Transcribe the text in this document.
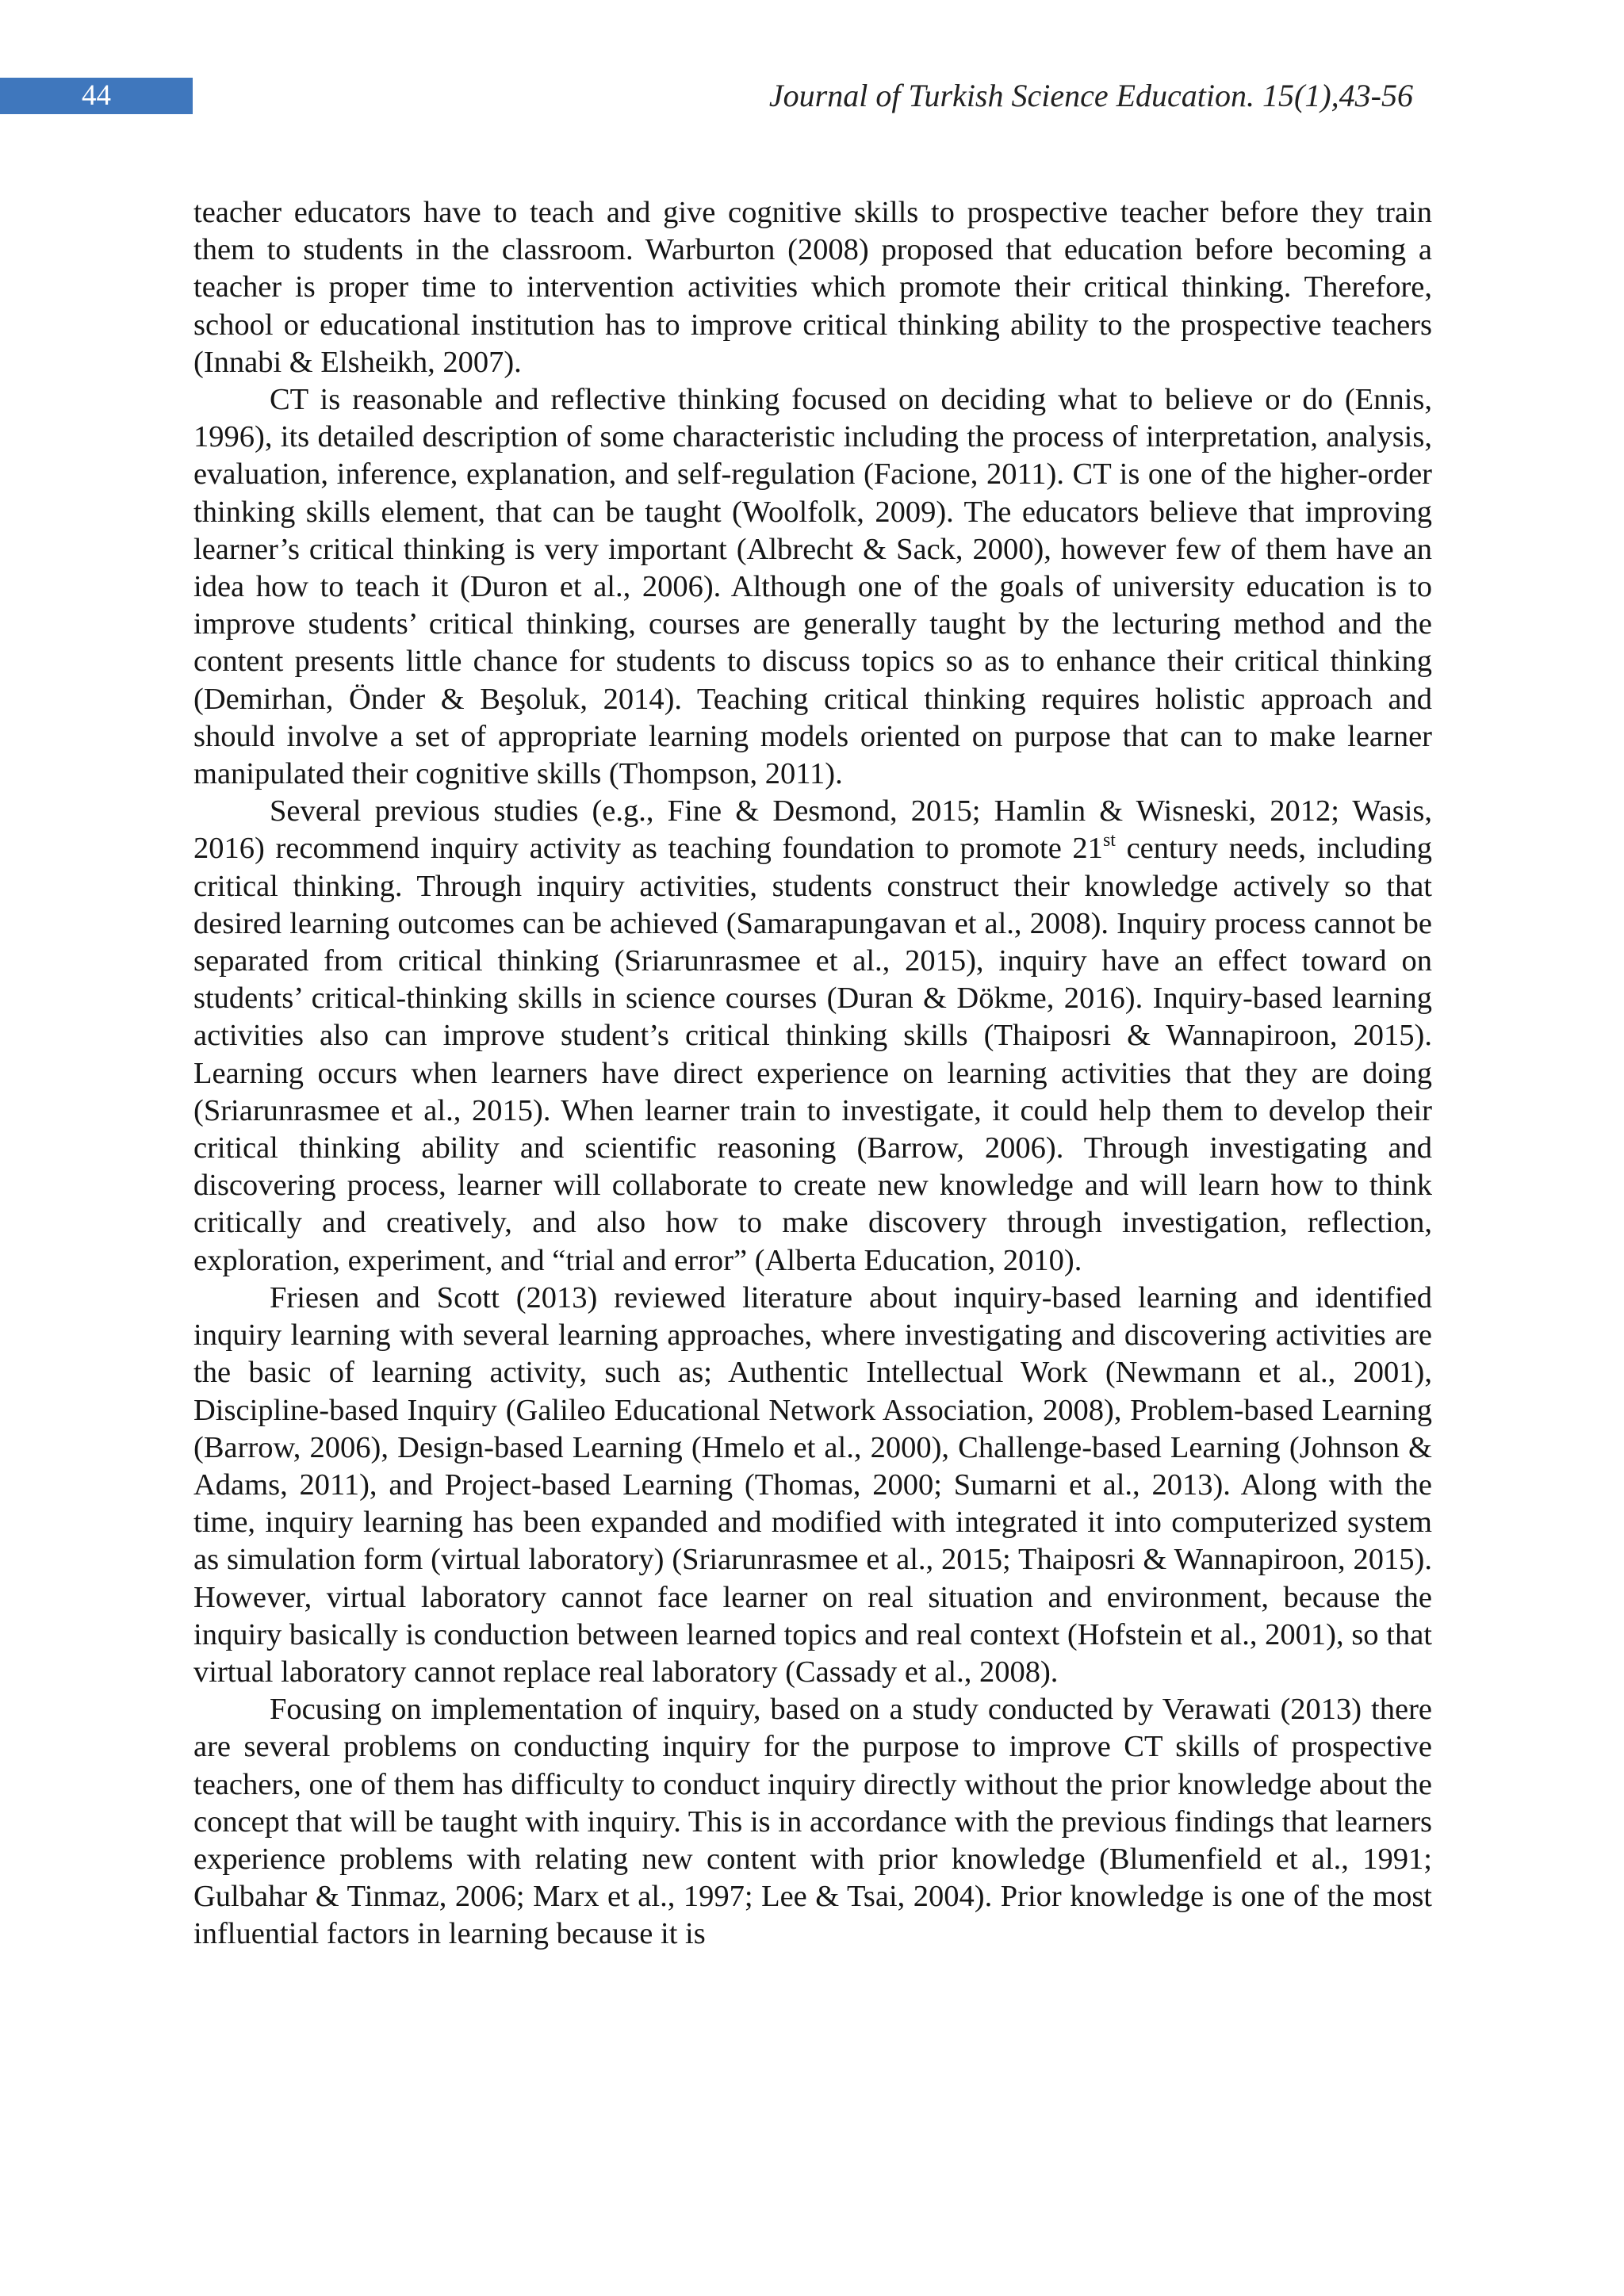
44	Journal of Turkish Science Education. 15(1),43-56

teacher educators have to teach and give cognitive skills to prospective teacher before they train them to students in the classroom. Warburton (2008) proposed that education before becoming a teacher is proper time to intervention activities which promote their critical thinking. Therefore, school or educational institution has to improve critical thinking ability to the prospective teachers (Innabi & Elsheikh, 2007).

CT is reasonable and reflective thinking focused on deciding what to believe or do (Ennis, 1996), its detailed description of some characteristic including the process of interpretation, analysis, evaluation, inference, explanation, and self-regulation (Facione, 2011). CT is one of the higher-order thinking skills element, that can be taught (Woolfolk, 2009). The educators believe that improving learner’s critical thinking is very important (Albrecht & Sack, 2000), however few of them have an idea how to teach it (Duron et al., 2006). Although one of the goals of university education is to improve students’ critical thinking, courses are generally taught by the lecturing method and the content presents little chance for students to discuss topics so as to enhance their critical thinking (Demirhan, Önder & Beşoluk, 2014). Teaching critical thinking requires holistic approach and should involve a set of appropriate learning models oriented on purpose that can to make learner manipulated their cognitive skills (Thompson, 2011).

Several previous studies (e.g., Fine & Desmond, 2015; Hamlin & Wisneski, 2012; Wasis, 2016) recommend inquiry activity as teaching foundation to promote 21st century needs, including critical thinking. Through inquiry activities, students construct their knowledge actively so that desired learning outcomes can be achieved (Samarapungavan et al., 2008). Inquiry process cannot be separated from critical thinking (Sriarunrasmee et al., 2015), inquiry have an effect toward on students’ critical-thinking skills in science courses (Duran & Dökme, 2016). Inquiry-based learning activities also can improve student’s critical thinking skills (Thaiposri & Wannapiroon, 2015). Learning occurs when learners have direct experience on learning activities that they are doing (Sriarunrasmee et al., 2015). When learner train to investigate, it could help them to develop their critical thinking ability and scientific reasoning (Barrow, 2006). Through investigating and discovering process, learner will collaborate to create new knowledge and will learn how to think critically and creatively, and also how to make discovery through investigation, reflection, exploration, experiment, and “trial and error” (Alberta Education, 2010).

Friesen and Scott (2013) reviewed literature about inquiry-based learning and identified inquiry learning with several learning approaches, where investigating and discovering activities are the basic of learning activity, such as; Authentic Intellectual Work (Newmann et al., 2001), Discipline-based Inquiry (Galileo Educational Network Association, 2008), Problem-based Learning (Barrow, 2006), Design-based Learning (Hmelo et al., 2000), Challenge-based Learning (Johnson & Adams, 2011), and Project-based Learning (Thomas, 2000; Sumarni et al., 2013). Along with the time, inquiry learning has been expanded and modified with integrated it into computerized system as simulation form (virtual laboratory) (Sriarunrasmee et al., 2015; Thaiposri & Wannapiroon, 2015). However, virtual laboratory cannot face learner on real situation and environment, because the inquiry basically is conduction between learned topics and real context (Hofstein et al., 2001), so that virtual laboratory cannot replace real laboratory (Cassady et al., 2008).

Focusing on implementation of inquiry, based on a study conducted by Verawati (2013) there are several problems on conducting inquiry for the purpose to improve CT skills of prospective teachers, one of them has difficulty to conduct inquiry directly without the prior knowledge about the concept that will be taught with inquiry. This is in accordance with the previous findings that learners experience problems with relating new content with prior knowledge (Blumenfield et al., 1991; Gulbahar & Tinmaz, 2006; Marx et al., 1997; Lee & Tsai, 2004). Prior knowledge is one of the most influential factors in learning because it is
